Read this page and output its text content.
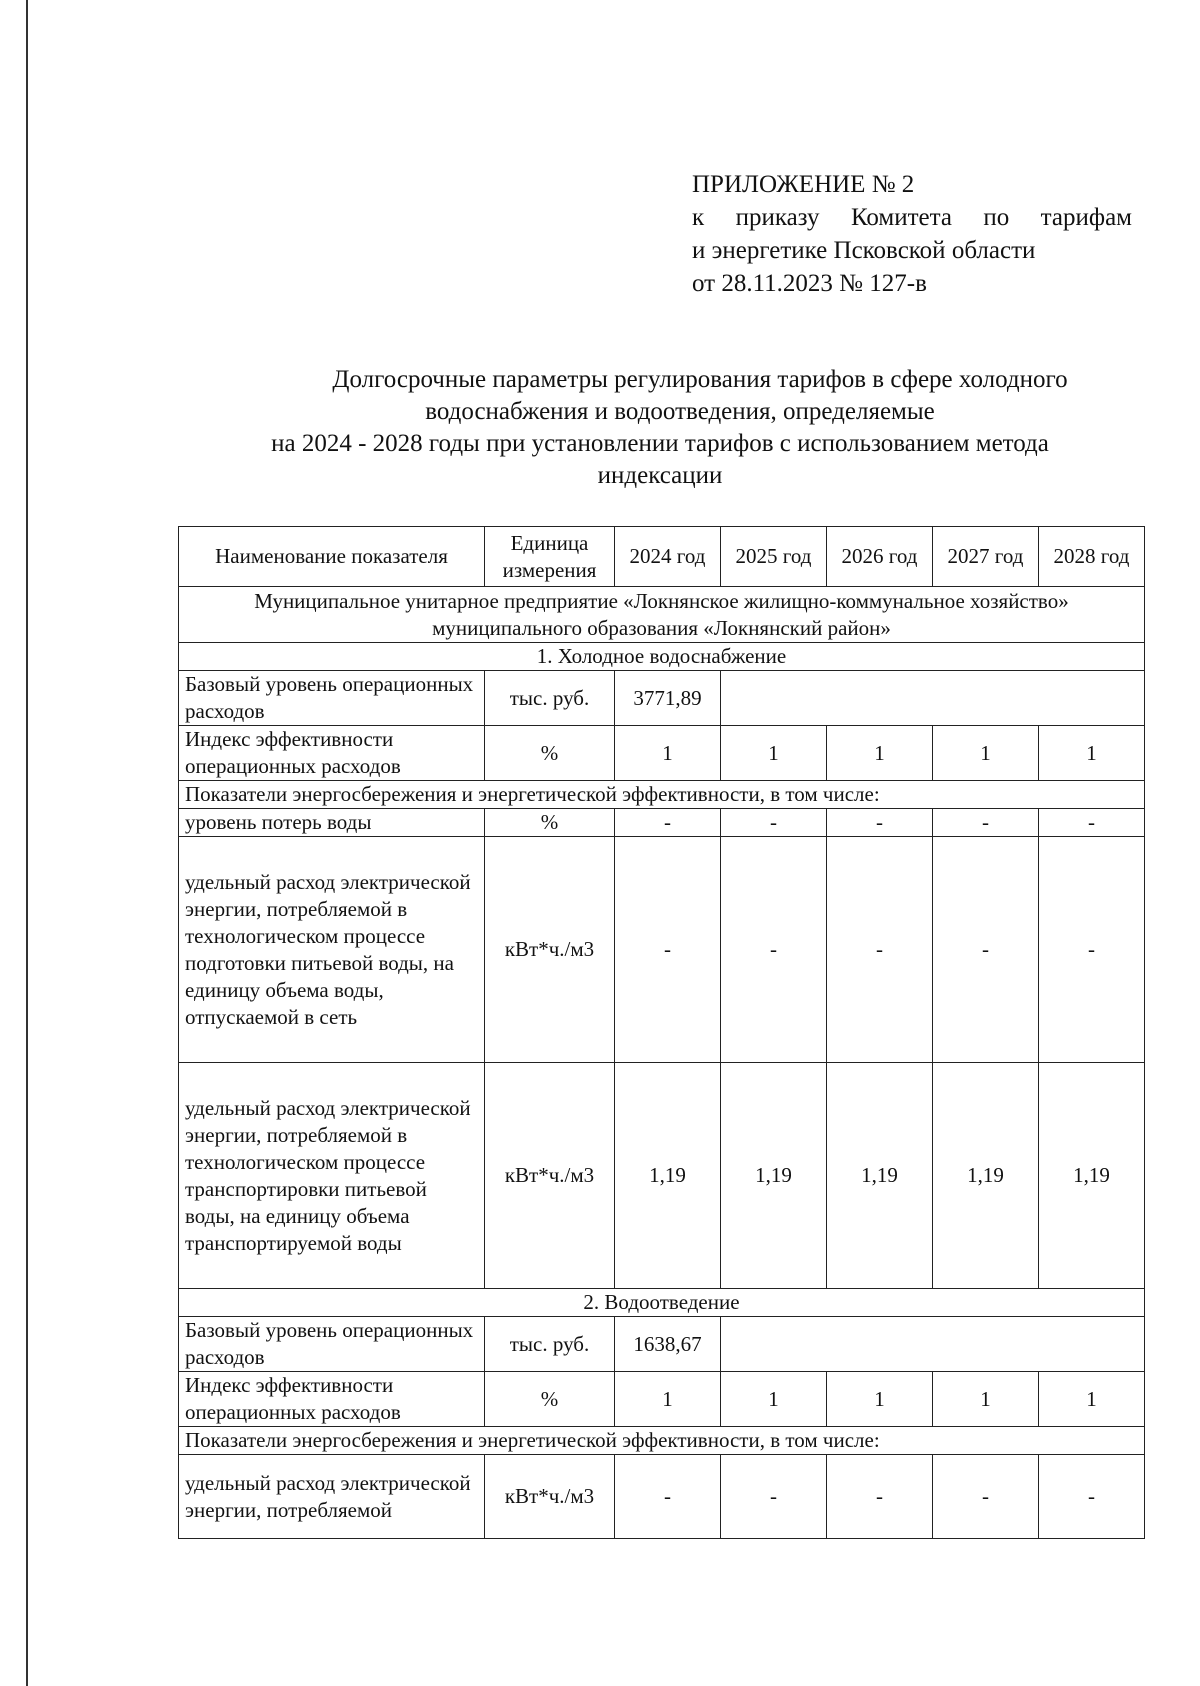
ПРИЛОЖЕНИЕ № 2
к приказу Комитета по тарифам
и энергетике Псковской области
от 28.11.2023 № 127-в
Долгосрочные параметры регулирования тарифов в сфере холодного
водоснабжения и водоотведения, определяемые
на 2024 - 2028 годы при установлении тарифов с использованием метода
индексации
Наименование показателя	Единица измерения	2024 год	2025 год	2026 год	2027 год	2028 год
Муниципальное унитарное предприятие «Локнянское жилищно-коммунальное хозяйство» муниципального образования «Локнянский район»						
1. Холодное водоснабжение						
Базовый уровень операционных расходов	тыс. руб.	3771,89				
Индекс эффективности операционных расходов	%	1	1	1	1	1
Показатели энергосбережения и энергетической эффективности, в том числе:						
уровень потерь воды	%	-	-	-	-	-
удельный расход электрической энергии, потребляемой в технологическом процессе подготовки питьевой воды, на единицу объема воды, отпускаемой в сеть	кВт*ч./м3	-	-	-	-	-
удельный расход электрической энергии, потребляемой в технологическом процессе транспортировки питьевой воды, на единицу объема транспортируемой воды	кВт*ч./м3	1,19	1,19	1,19	1,19	1,19
2. Водоотведение						
Базовый уровень операционных расходов	тыс. руб.	1638,67				
Индекс эффективности операционных расходов	%	1	1	1	1	1
Показатели энергосбережения и энергетической эффективности, в том числе:						
удельный расход электрической энергии, потребляемой	кВт*ч./м3	-	-	-	-	-
